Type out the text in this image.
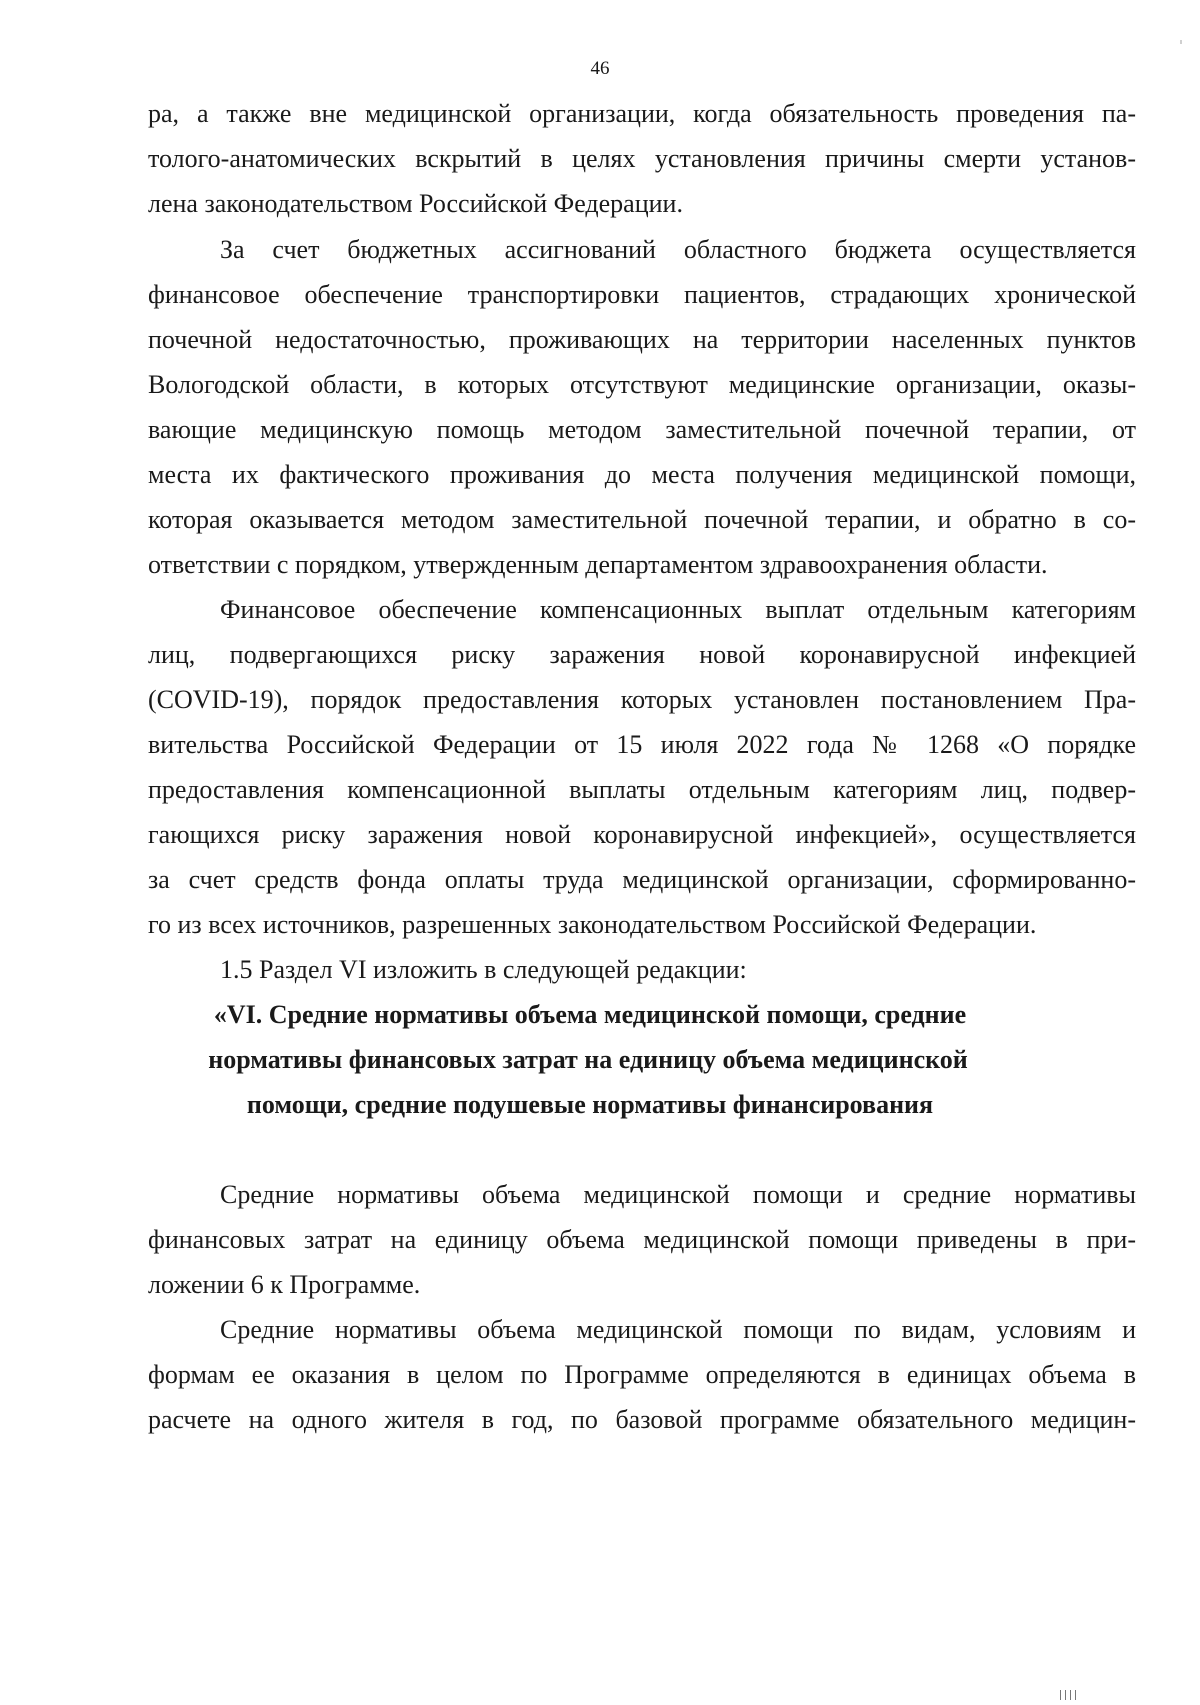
46
ра, а также вне медицинской организации, когда обязательность проведения па-
толого-анатомических вскрытий в целях установления причины смерти установ-
лена законодательством Российской Федерации.
За счет бюджетных ассигнований областного бюджета осуществляется
финансовое обеспечение транспортировки пациентов, страдающих хронической
почечной недостаточностью, проживающих на территории населенных пунктов
Вологодской области, в которых отсутствуют медицинские организации, оказы-
вающие медицинскую помощь методом заместительной почечной терапии, от
места их фактического проживания до места получения медицинской помощи,
которая оказывается методом заместительной почечной терапии, и обратно в со-
ответствии с порядком, утвержденным департаментом здравоохранения области.
Финансовое обеспечение компенсационных выплат отдельным категориям
лиц, подвергающихся риску заражения новой коронавирусной инфекцией
(COVID-19), порядок предоставления которых установлен постановлением Пра-
вительства Российской Федерации от 15 июля 2022 года № 1268 «О порядке
предоставления компенсационной выплаты отдельным категориям лиц, подвер-
гающихся риску заражения новой коронавирусной инфекцией», осуществляется
за счет средств фонда оплаты труда медицинской организации, сформированно-
го из всех источников, разрешенных законодательством Российской Федерации.
1.5 Раздел VI изложить в следующей редакции:
«VI. Средние нормативы объема медицинской помощи, средние
нормативы финансовых затрат на единицу объема медицинской
помощи, средние подушевые нормативы финансирования
Средние нормативы объема медицинской помощи и средние нормативы
финансовых затрат на единицу объема медицинской помощи приведены в при-
ложении 6 к Программе.
Средние нормативы объема медицинской помощи по видам, условиям и
формам ее оказания в целом по Программе определяются в единицах объема в
расчете на одного жителя в год, по базовой программе обязательного медицин-
